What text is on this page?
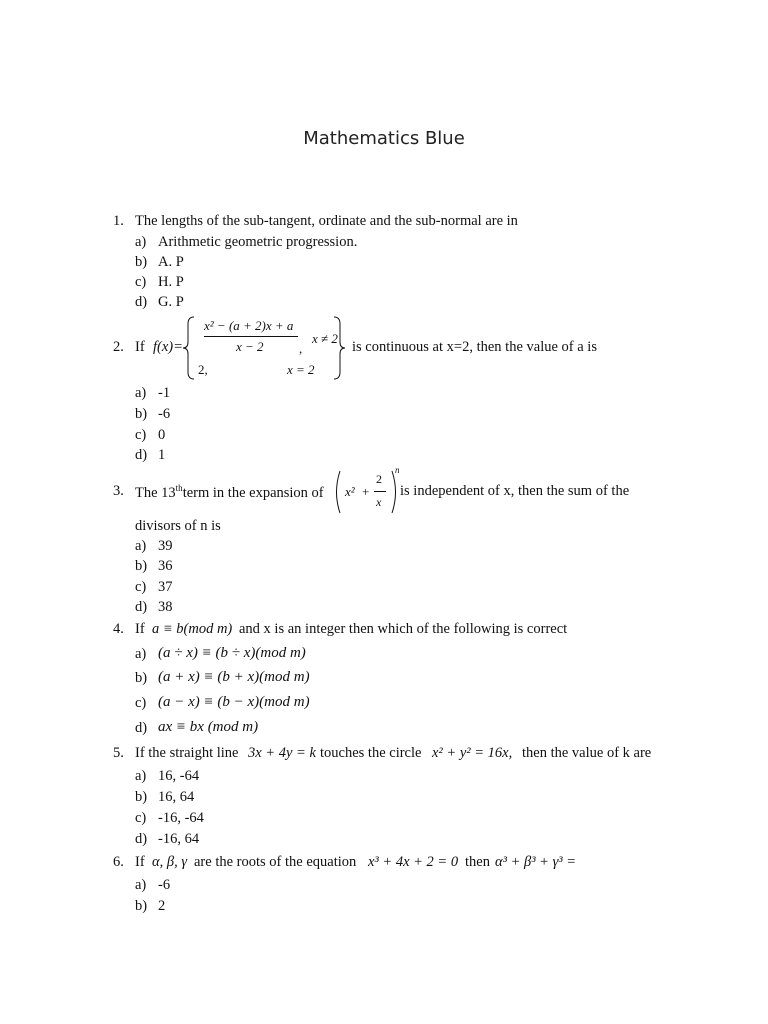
Mathematics Blue
1. The lengths of the sub-tangent, ordinate and the sub-normal are in
a) Arithmetic geometric progression.
b) A. P
c) H. P
d) G. P
2. If f(x)=
x² − (a + 2)x + a
x − 2	,
x ≠ 2
2,	x = 2
is continuous at x=2, then the value of a is
a) -1
b) -6
c) 0
d) 1
3. The 13thterm in the expansion of x² +
2
x
n
is independent of x, then the sum of the
divisors of n is
a) 39
b) 36
c) 37
d) 38
4. If a ≡ b(mod m) and x is an integer then which of the following is correct
a) (a ÷ x) ≡ (b ÷ x)(mod m)
b) (a + x) ≡ (b + x)(mod m)
c) (a − x) ≡ (b − x)(mod m)
d) ax ≡ bx (mod m)
5. If the straight line 3x + 4y = k touches the circle x² + y² = 16x, then the value of k are
a) 16, -64
b) 16, 64
c) -16, -64
d) -16, 64
6. If α, β, γ are the roots of the equation x³ + 4x + 2 = 0 then α³ + β³ + γ³ =
a) -6
b) 2
